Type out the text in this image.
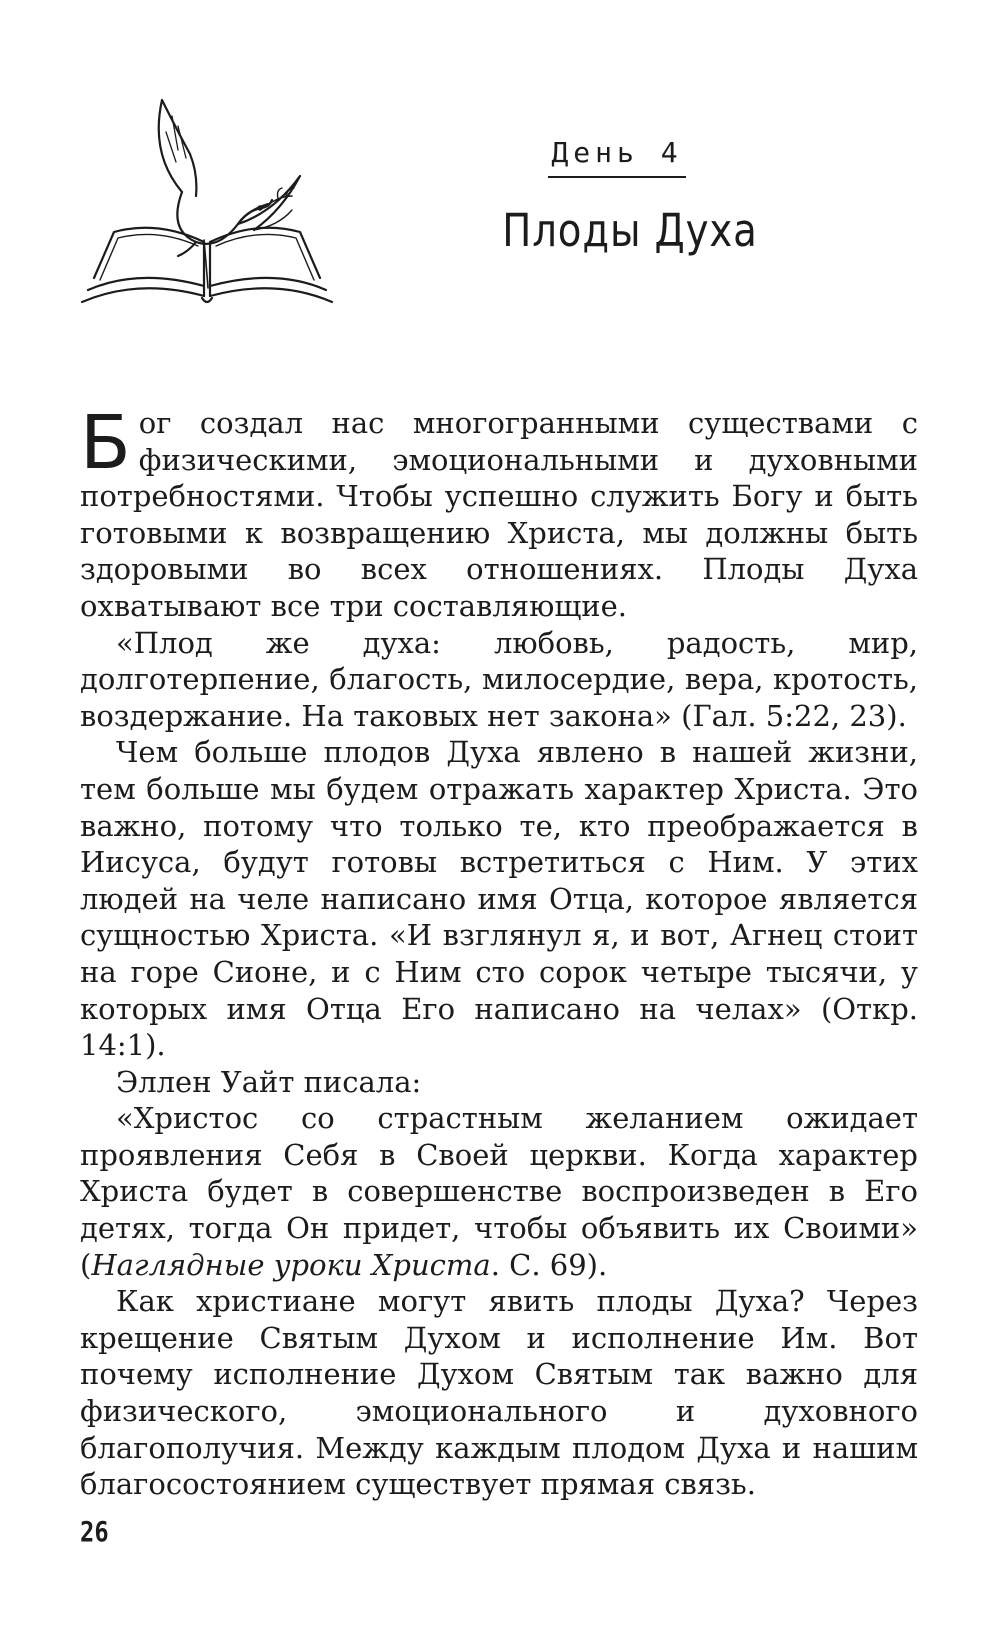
День 4
Плоды Духа

Бог создал нас многогранными существами с физическими, эмоциональными и духовными потребностями. Чтобы успешно служить Богу и быть готовыми к возвращению Христа, мы должны быть здоровыми во всех отношениях. Плоды Духа охватывают все три составляющие.

«Плод же духа: любовь, радость, мир, долготерпение, благость, милосердие, вера, кротость, воздержание. На таковых нет закона» (Гал. 5:22, 23).

Чем больше плодов Духа явлено в нашей жизни, тем больше мы будем отражать характер Христа. Это важно, потому что только те, кто преображается в Иисуса, будут готовы встретиться с Ним. У этих людей на челе написано имя Отца, которое является сущностью Христа. «И взглянул я, и вот, Агнец стоит на горе Сионе, и с Ним сто сорок четыре тысячи, у которых имя Отца Его написано на челах» (Откр. 14:1).

Эллен Уайт писала:

«Христос со страстным желанием ожидает проявления Себя в Своей церкви. Когда характер Христа будет в совершенстве воспроизведен в Его детях, тогда Он придет, чтобы объявить их Своими» (Наглядные уроки Христа. С. 69).

Как христиане могут явить плоды Духа? Через крещение Святым Духом и исполнение Им. Вот почему исполнение Духом Святым так важно для физического, эмоционального и духовного благополучия. Между каждым плодом Духа и нашим благосостоянием существует прямая связь.

26
